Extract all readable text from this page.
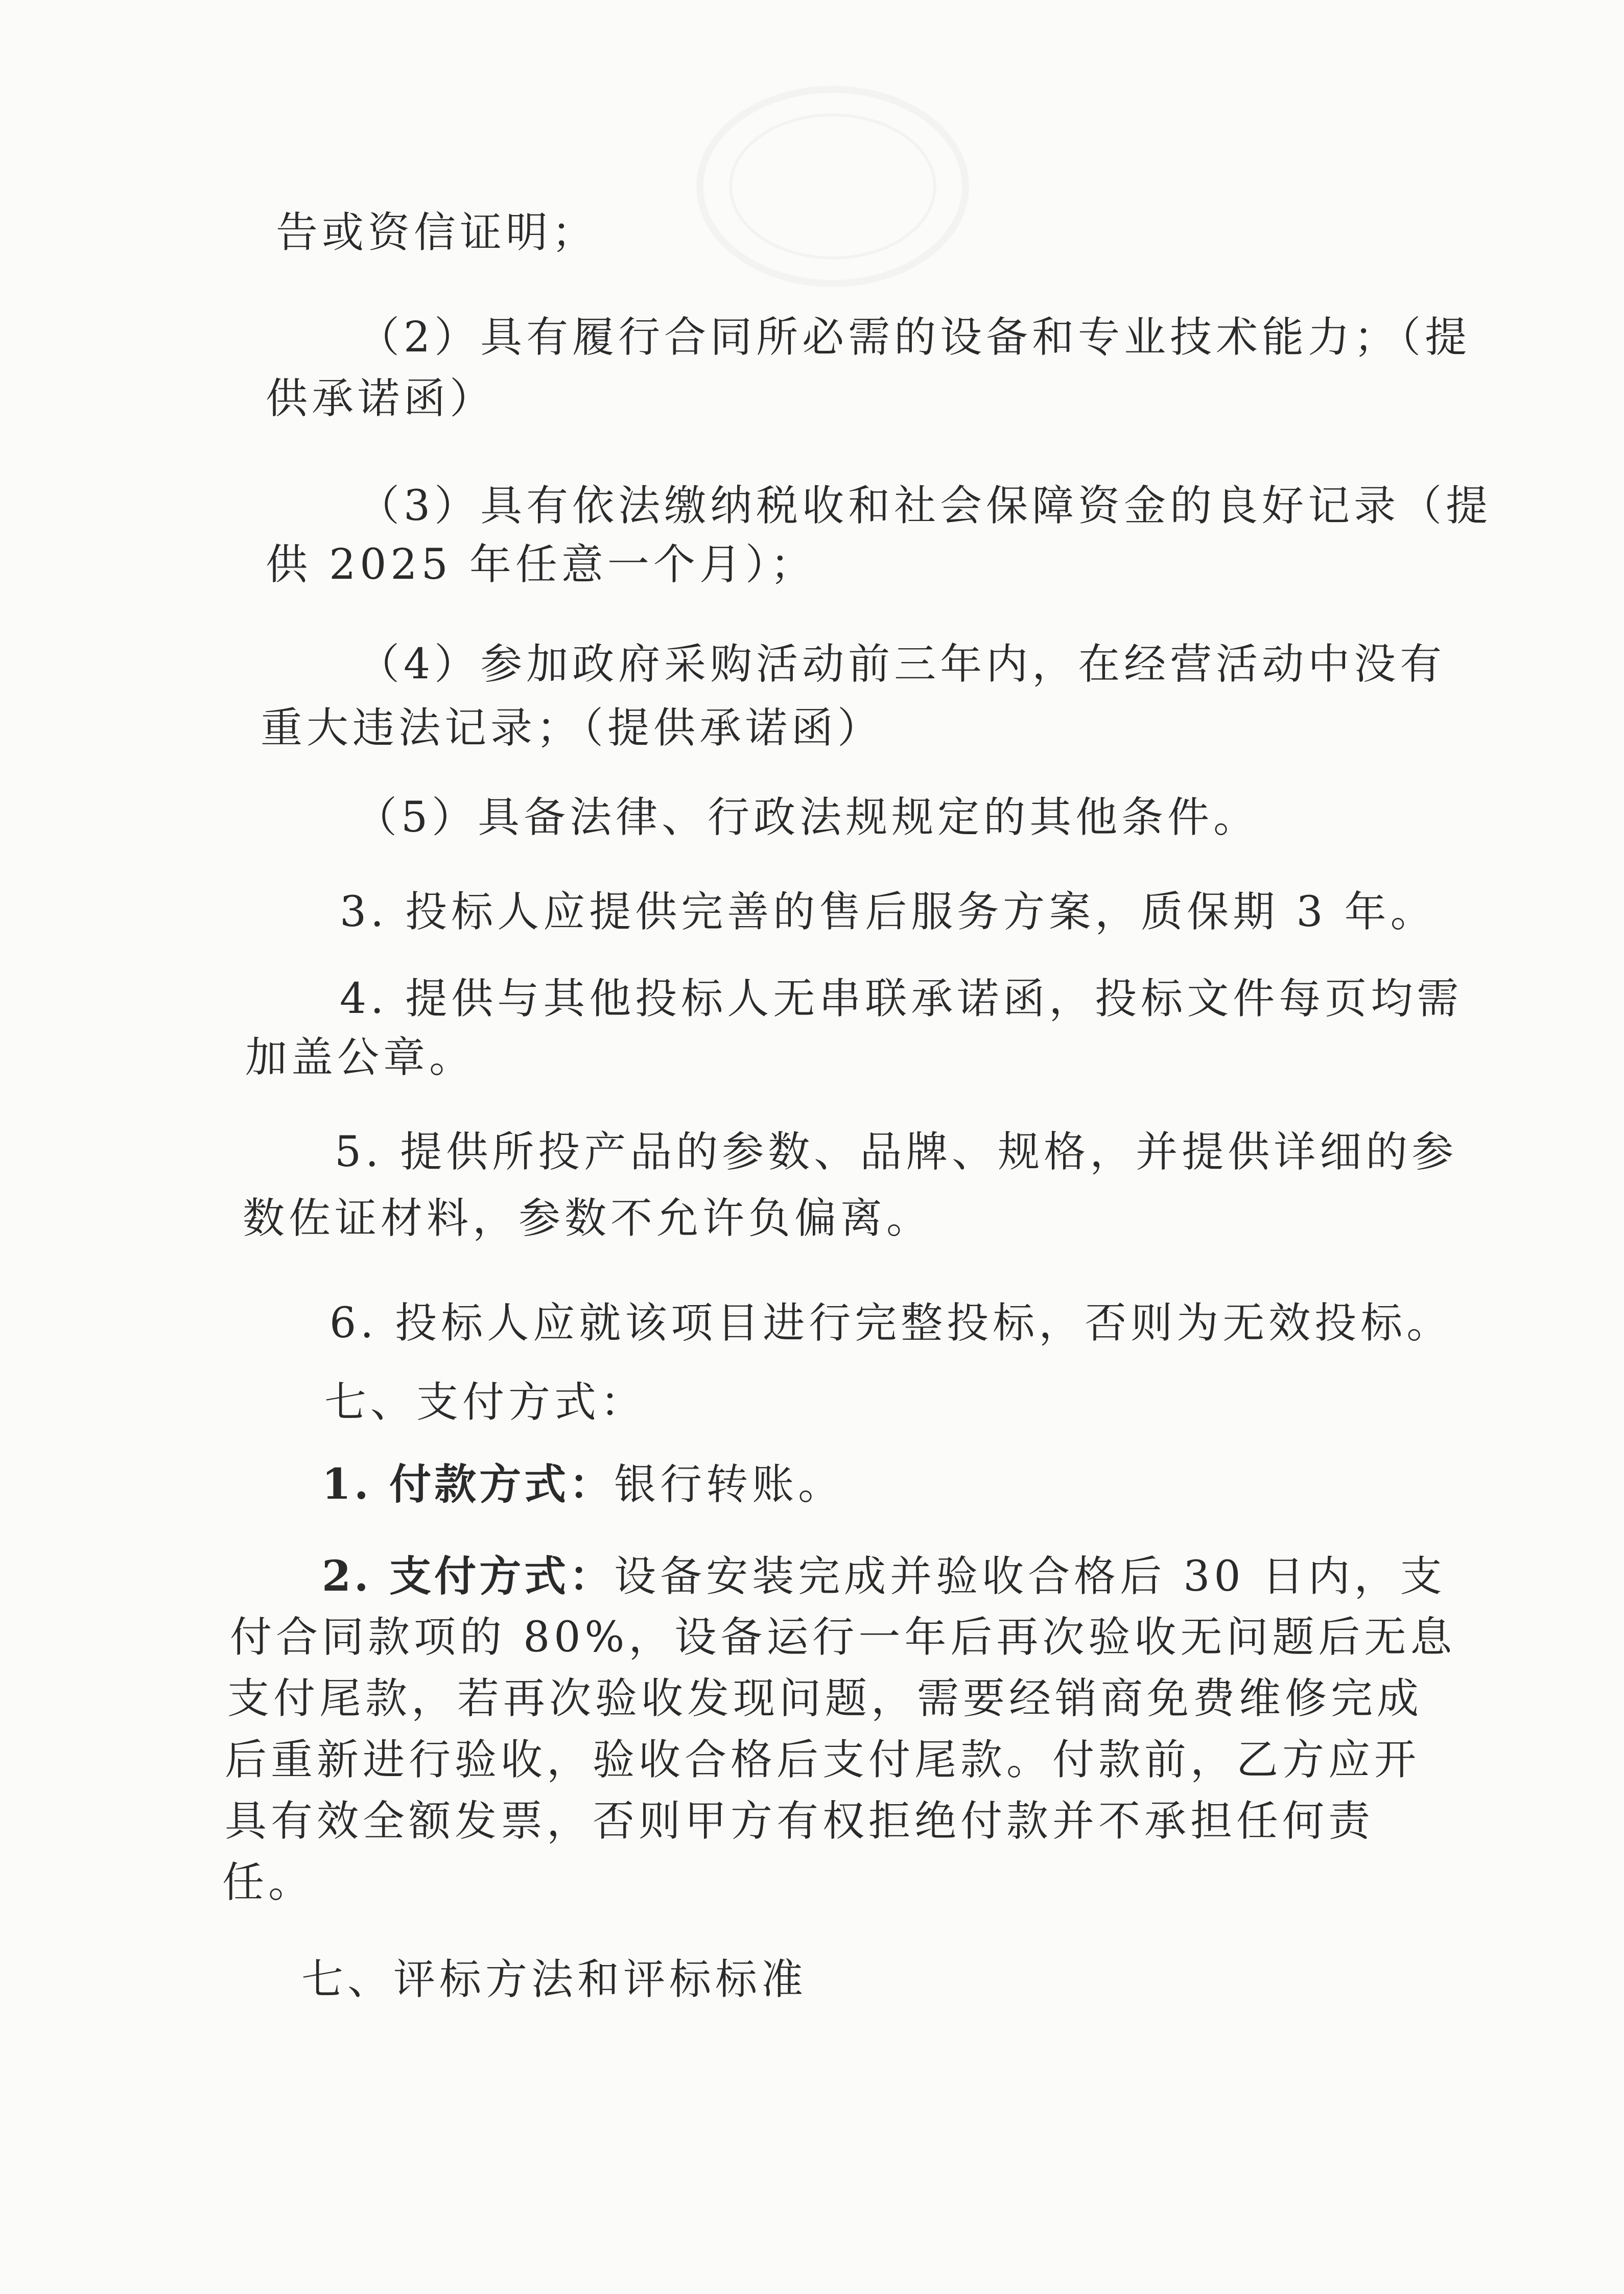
告或资信证明；
（2）具有履行合同所必需的设备和专业技术能力；（提
供承诺函）
（3）具有依法缴纳税收和社会保障资金的良好记录（提
供 2025 年任意一个月）；
（4）参加政府采购活动前三年内，在经营活动中没有
重大违法记录；（提供承诺函）
（5）具备法律、行政法规规定的其他条件。
3. 投标人应提供完善的售后服务方案，质保期 3 年。
4. 提供与其他投标人无串联承诺函，投标文件每页均需
加盖公章。
5. 提供所投产品的参数、品牌、规格，并提供详细的参
数佐证材料，参数不允许负偏离。
6. 投标人应就该项目进行完整投标，否则为无效投标。
七、支付方式：
1. 付款方式：银行转账。
2. 支付方式：设备安装完成并验收合格后 30 日内，支
付合同款项的 80%，设备运行一年后再次验收无问题后无息
支付尾款，若再次验收发现问题，需要经销商免费维修完成
后重新进行验收，验收合格后支付尾款。付款前，乙方应开
具有效全额发票，否则甲方有权拒绝付款并不承担任何责
任。
七、评标方法和评标标准
